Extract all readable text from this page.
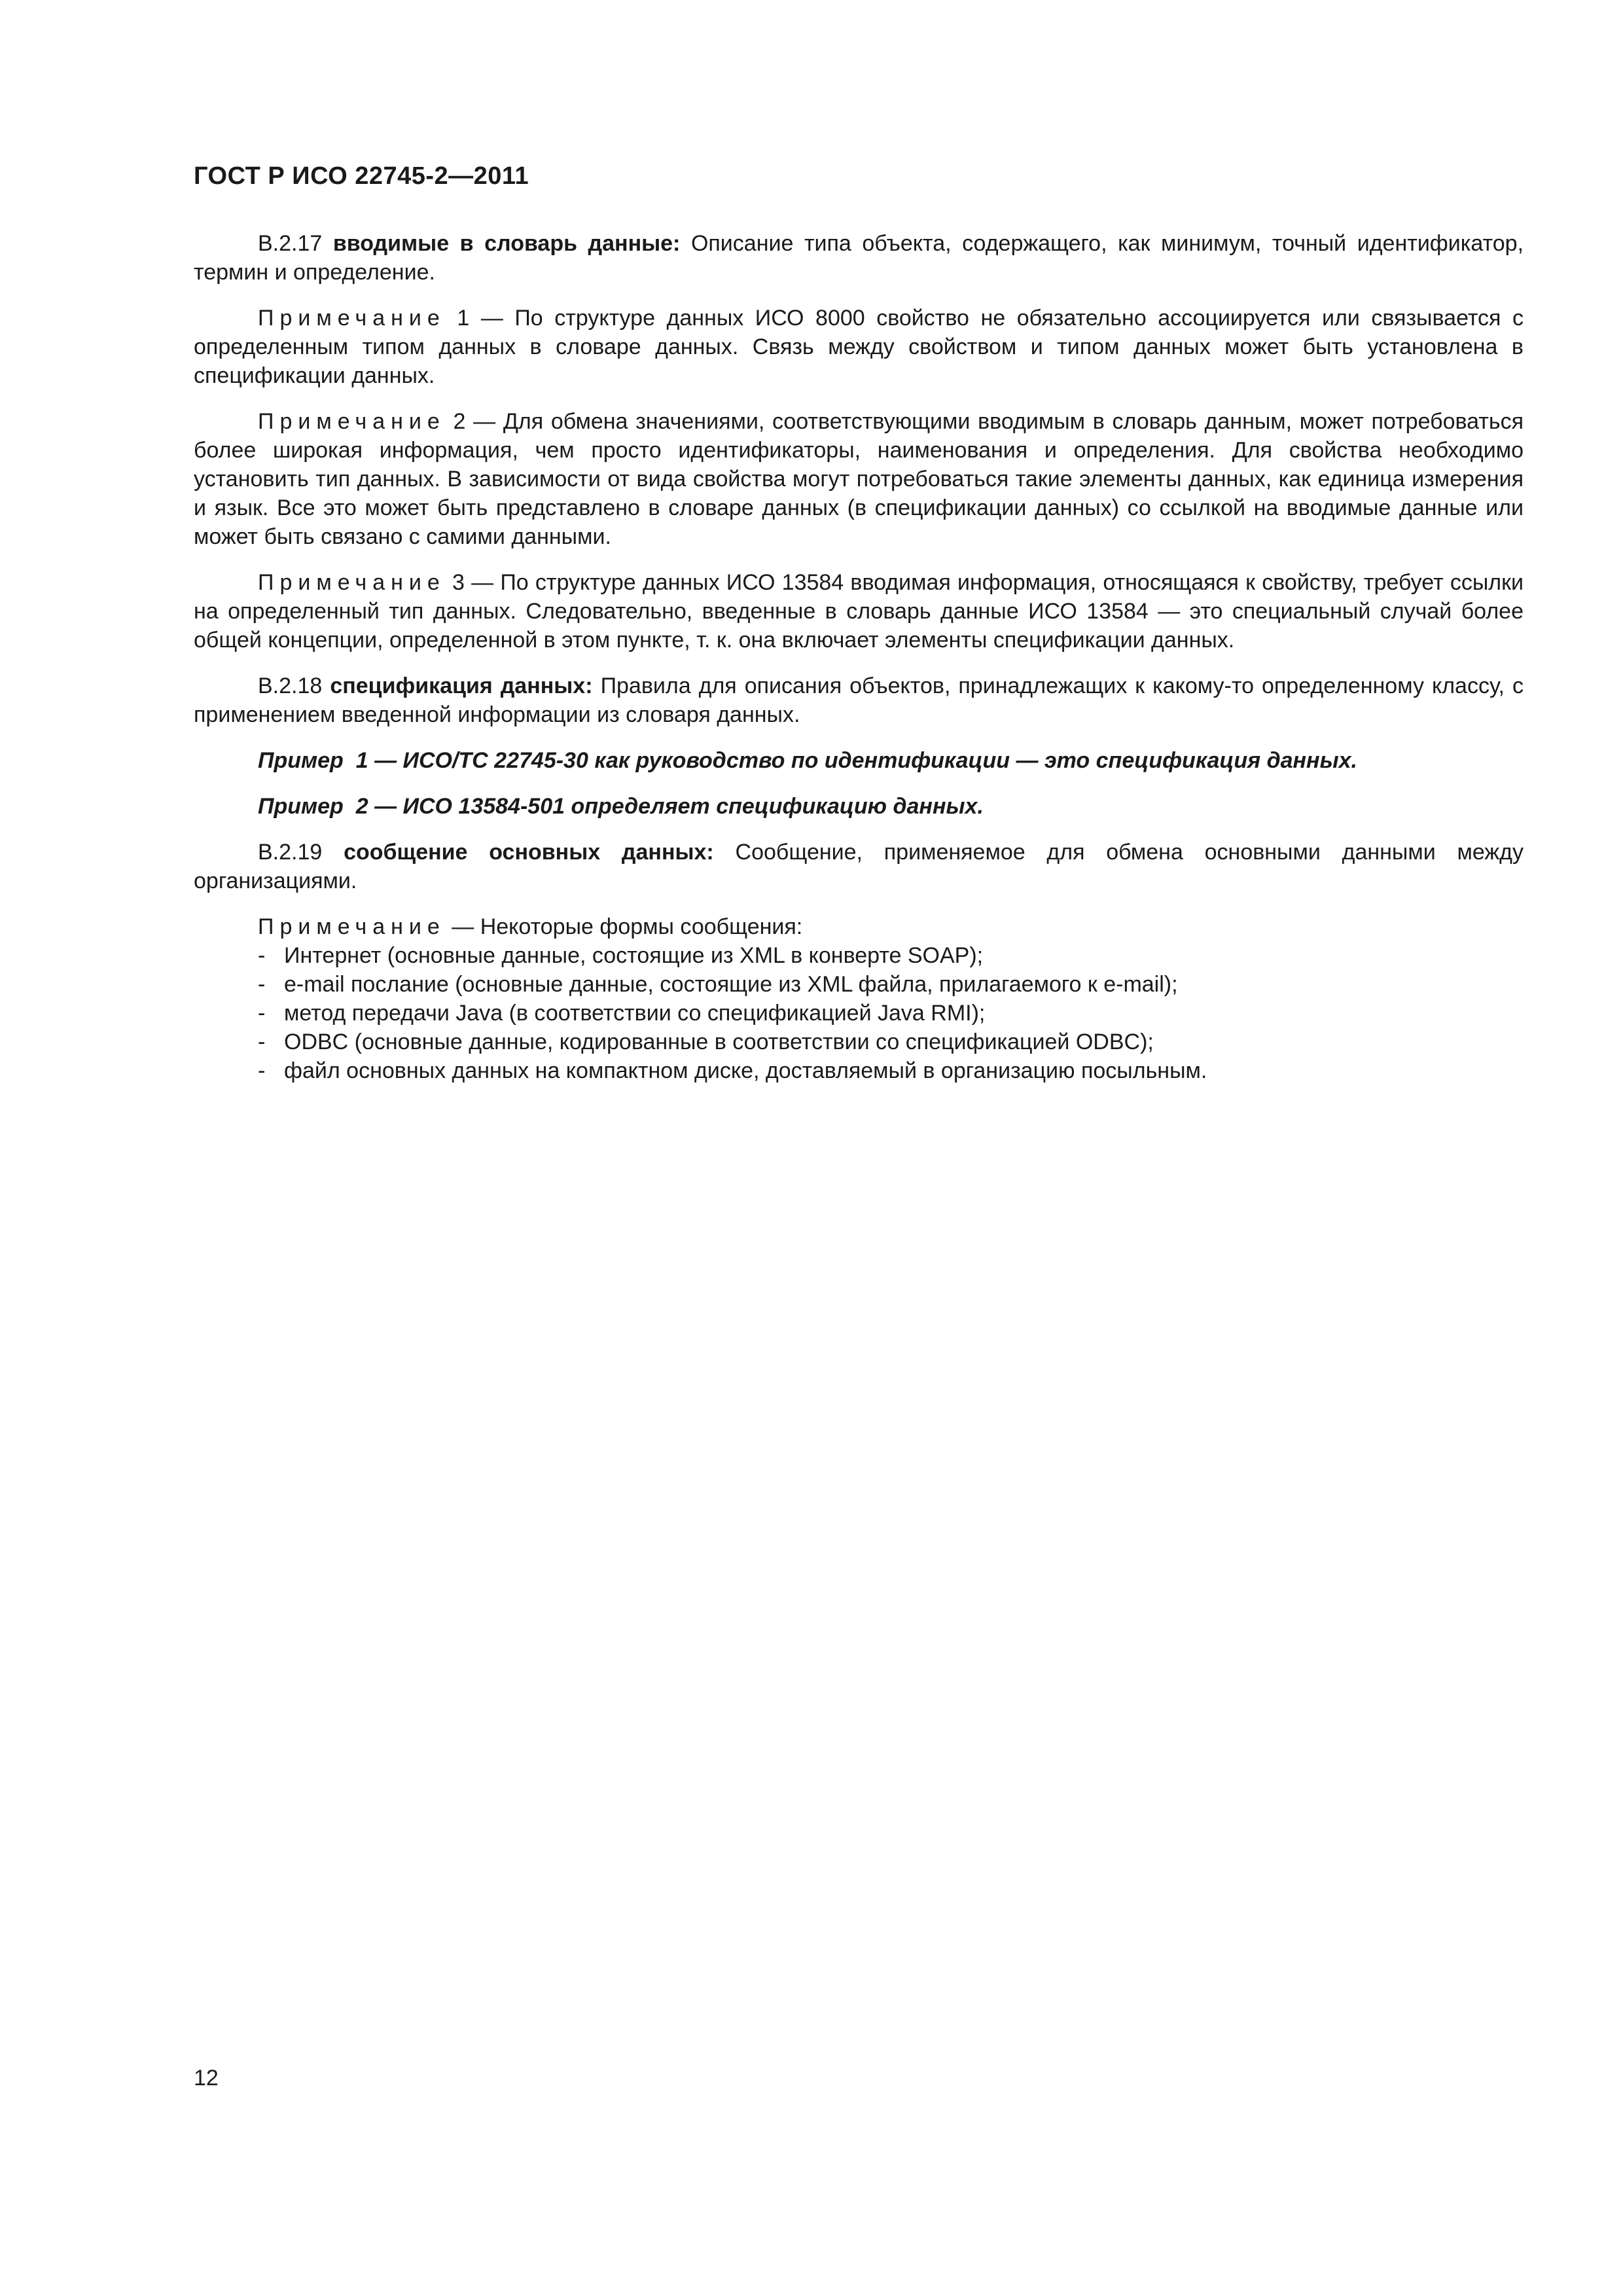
ГОСТ Р ИСО 22745-2—2011

B.2.17 вводимые в словарь данные: Описание типа объекта, содержащего, как минимум, точный идентификатор, термин и определение.

Примечание 1 — По структуре данных ИСО 8000 свойство не обязательно ассоциируется или связывается с определенным типом данных в словаре данных. Связь между свойством и типом данных может быть установлена в спецификации данных.

Примечание 2 — Для обмена значениями, соответствующими вводимым в словарь данным, может потребоваться более широкая информация, чем просто идентификаторы, наименования и определения. Для свойства необходимо установить тип данных. В зависимости от вида свойства могут потребоваться такие элементы данных, как единица измерения и язык. Все это может быть представлено в словаре данных (в спецификации данных) со ссылкой на вводимые данные или может быть связано с самими данными.

Примечание 3 — По структуре данных ИСО 13584 вводимая информация, относящаяся к свойству, требует ссылки на определенный тип данных. Следовательно, введенные в словарь данные ИСО 13584 — это специальный случай более общей концепции, определенной в этом пункте, т. к. она включает элементы спецификации данных.

B.2.18 спецификация данных: Правила для описания объектов, принадлежащих к какому-то определенному классу, с применением введенной информации из словаря данных.

Пример  1 — ИСО/ТС 22745-30 как руководство по идентификации — это спецификация данных.

Пример  2 — ИСО 13584-501 определяет спецификацию данных.

B.2.19 сообщение основных данных: Сообщение, применяемое для обмена основными данными между организациями.

Примечание — Некоторые формы сообщения:

- Интернет (основные данные, состоящие из XML в конверте SOAP);
- e-mail послание (основные данные, состоящие из XML файла, прилагаемого к e-mail);
- метод передачи Java (в соответствии со спецификацией Java RMI);
- ODBC (основные данные, кодированные в соответствии со спецификацией ODBC);
- файл основных данных на компактном диске, доставляемый в организацию посыльным.
12
